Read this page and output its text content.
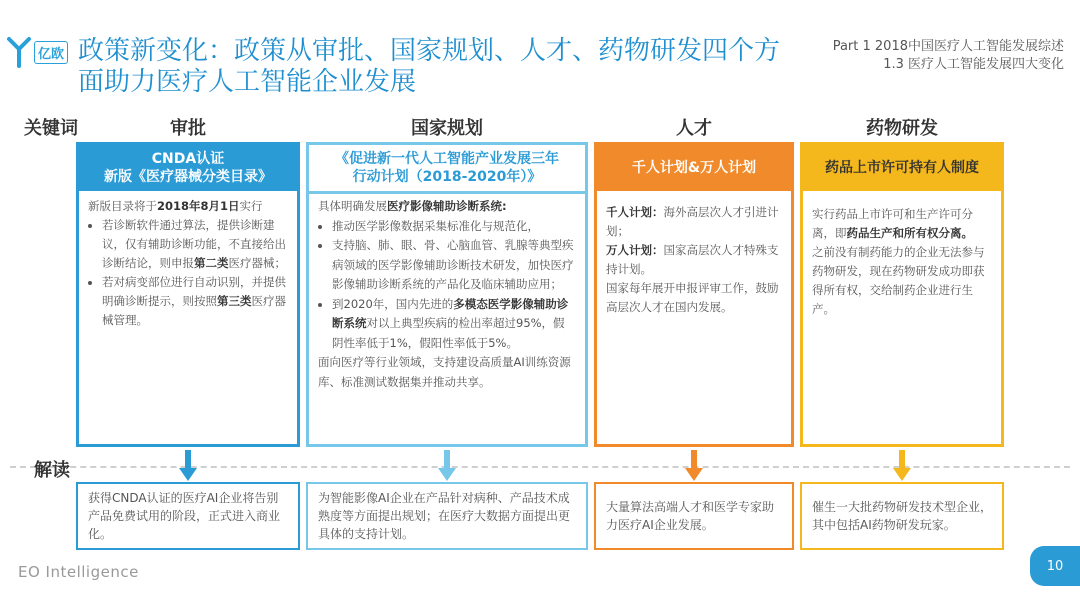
亿欧 政策新变化：政策从审批、国家规划、人才、药物研发四个方
面助力医疗人工智能企业发展
Part 1 2018中国医疗人工智能发展综述
1.3 医疗人工智能发展四大变化
关键词	审批	国家规划	人才	药物研发
CNDA认证
新版《医疗器械分类目录》
新版目录将于2018年8月1日实行
• 若诊断软件通过算法，提供诊断建议，仅有辅助诊断功能，不直接给出诊断结论，则申报第二类医疗器械；
• 若对病变部位进行自动识别，并提供明确诊断提示，则按照第三类医疗器械管理。
《促进新一代人工智能产业发展三年
行动计划（2018-2020年）》
具体明确发展医疗影像辅助诊断系统:
• 推动医学影像数据采集标准化与规范化，
• 支持脑、肺、眼、骨、心脑血管、乳腺等典型疾病领域的医学影像辅助诊断技术研发，加快医疗影像辅助诊断系统的产品化及临床辅助应用；
• 到2020年，国内先进的多模态医学影像辅助诊断系统对以上典型疾病的检出率超过95%，假阴性率低于1%，假阳性率低于5%。
面向医疗等行业领域，支持建设高质量AI训练资源库、标准测试数据集并推动共享。
千人计划&万人计划
千人计划：海外高层次人才引进计划；
万人计划：国家高层次人才特殊支持计划。
国家每年展开申报评审工作，鼓励高层次人才在国内发展。
药品上市许可持有人制度
实行药品上市许可和生产许可分离，即药品生产和所有权分离。
之前没有制药能力的企业无法参与药物研发，现在药物研发成功即获得所有权，交给制药企业进行生产。
解读
获得CNDA认证的医疗AI企业将告别产品免费试用的阶段，正式进入商业化。
为智能影像AI企业在产品针对病种、产品技术成熟度等方面提出规划；在医疗大数据方面提出更具体的支持计划。
大量算法高端人才和医学专家助力医疗AI企业发展。
催生一大批药物研发技术型企业，其中包括AI药物研发玩家。
EO Intelligence	10
